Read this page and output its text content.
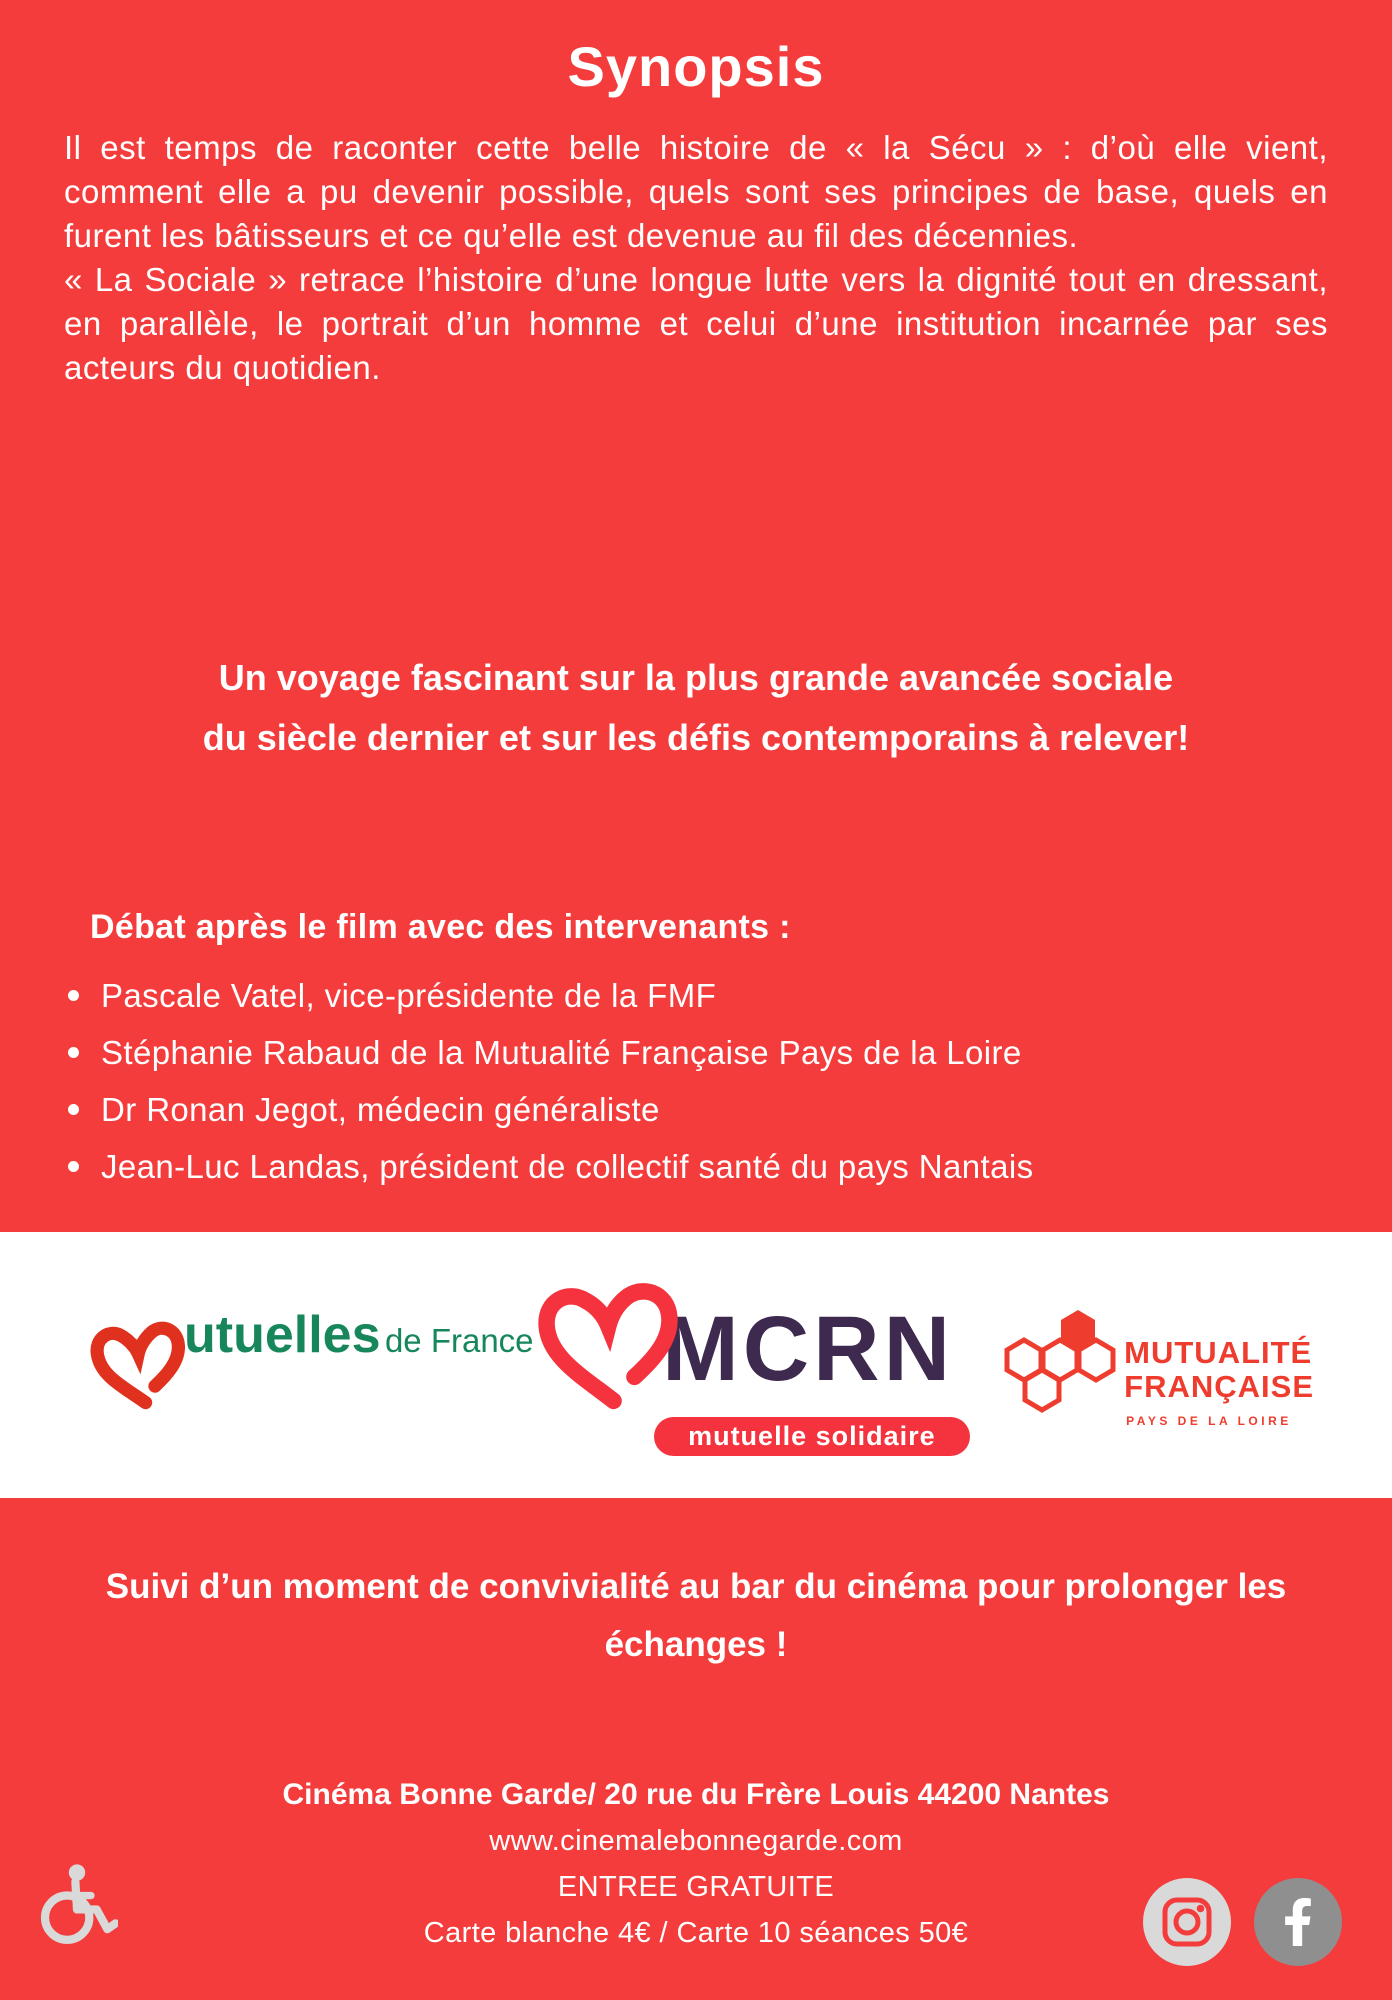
Synopsis

Il est temps de raconter cette belle histoire de « la Sécu » : d’où elle vient, comment elle a pu devenir possible, quels sont ses principes de base, quels en furent les bâtisseurs et ce qu’elle est devenue au fil des décennies.

« La Sociale » retrace l’histoire d’une longue lutte vers la dignité tout en dressant, en parallèle, le portrait d’un homme et celui d’une institution incarnée par ses acteurs du quotidien.

Un voyage fascinant sur la plus grande avancée sociale du siècle dernier et sur les défis contemporains à relever!
Débat après le film avec des intervenants :
Pascale Vatel, vice-présidente de la FMF
Stéphanie Rabaud de la Mutualité Française Pays de la Loire
Dr Ronan Jegot, médecin généraliste
Jean-Luc Landas, président de collectif santé du pays Nantais
utuelles de France MCRN
mutuelle solidaire
MUTUALITÉ
FRANÇAISE
PAYS DE LA LOIRE
Suivi d’un moment de convivialité au bar du cinéma pour prolonger les échanges !
Cinéma Bonne Garde/ 20 rue du Frère Louis 44200 Nantes
www.cinemalebonnegarde.com
ENTREE GRATUITE
Carte blanche 4€ / Carte 10 séances 50€
